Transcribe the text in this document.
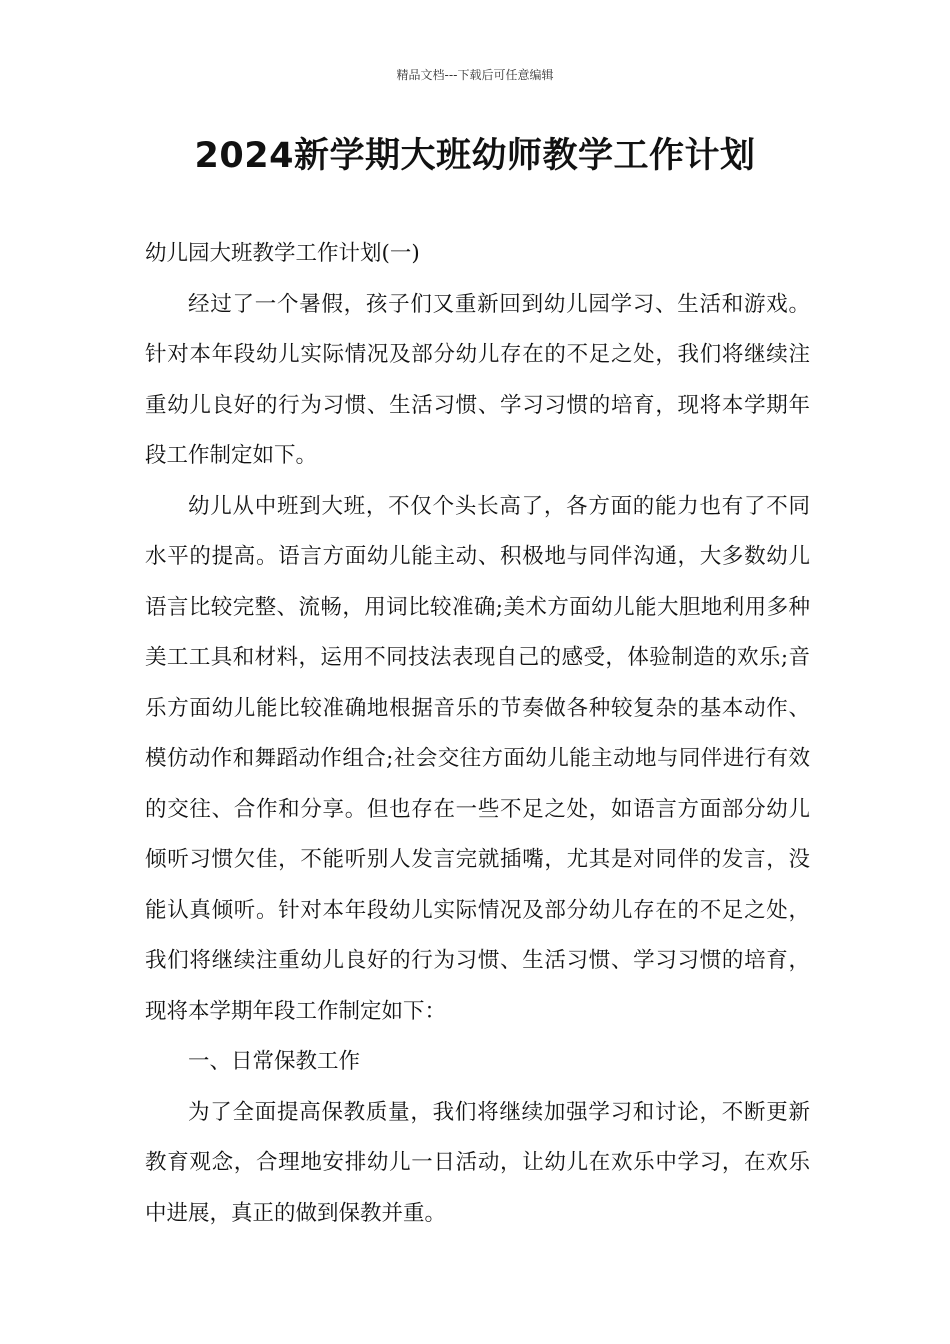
精品文档---下载后可任意编辑
2024新学期大班幼师教学工作计划

幼儿园大班教学工作计划(一)

经过了一个暑假，孩子们又重新回到幼儿园学习、生活和游戏。针对本年段幼儿实际情况及部分幼儿存在的不足之处，我们将继续注重幼儿良好的行为习惯、生活习惯、学习习惯的培育，现将本学期年段工作制定如下。

幼儿从中班到大班，不仅个头长高了，各方面的能力也有了不同水平的提高。语言方面幼儿能主动、积极地与同伴沟通，大多数幼儿语言比较完整、流畅，用词比较准确;美术方面幼儿能大胆地利用多种美工工具和材料，运用不同技法表现自己的感受，体验制造的欢乐;音乐方面幼儿能比较准确地根据音乐的节奏做各种较复杂的基本动作、模仿动作和舞蹈动作组合;社会交往方面幼儿能主动地与同伴进行有效的交往、合作和分享。但也存在一些不足之处，如语言方面部分幼儿倾听习惯欠佳，不能听别人发言完就插嘴，尤其是对同伴的发言，没能认真倾听。针对本年段幼儿实际情况及部分幼儿存在的不足之处，我们将继续注重幼儿良好的行为习惯、生活习惯、学习习惯的培育，现将本学期年段工作制定如下：

一、日常保教工作

为了全面提高保教质量，我们将继续加强学习和讨论，不断更新教育观念，合理地安排幼儿一日活动，让幼儿在欢乐中学习，在欢乐中进展，真正的做到保教并重。
